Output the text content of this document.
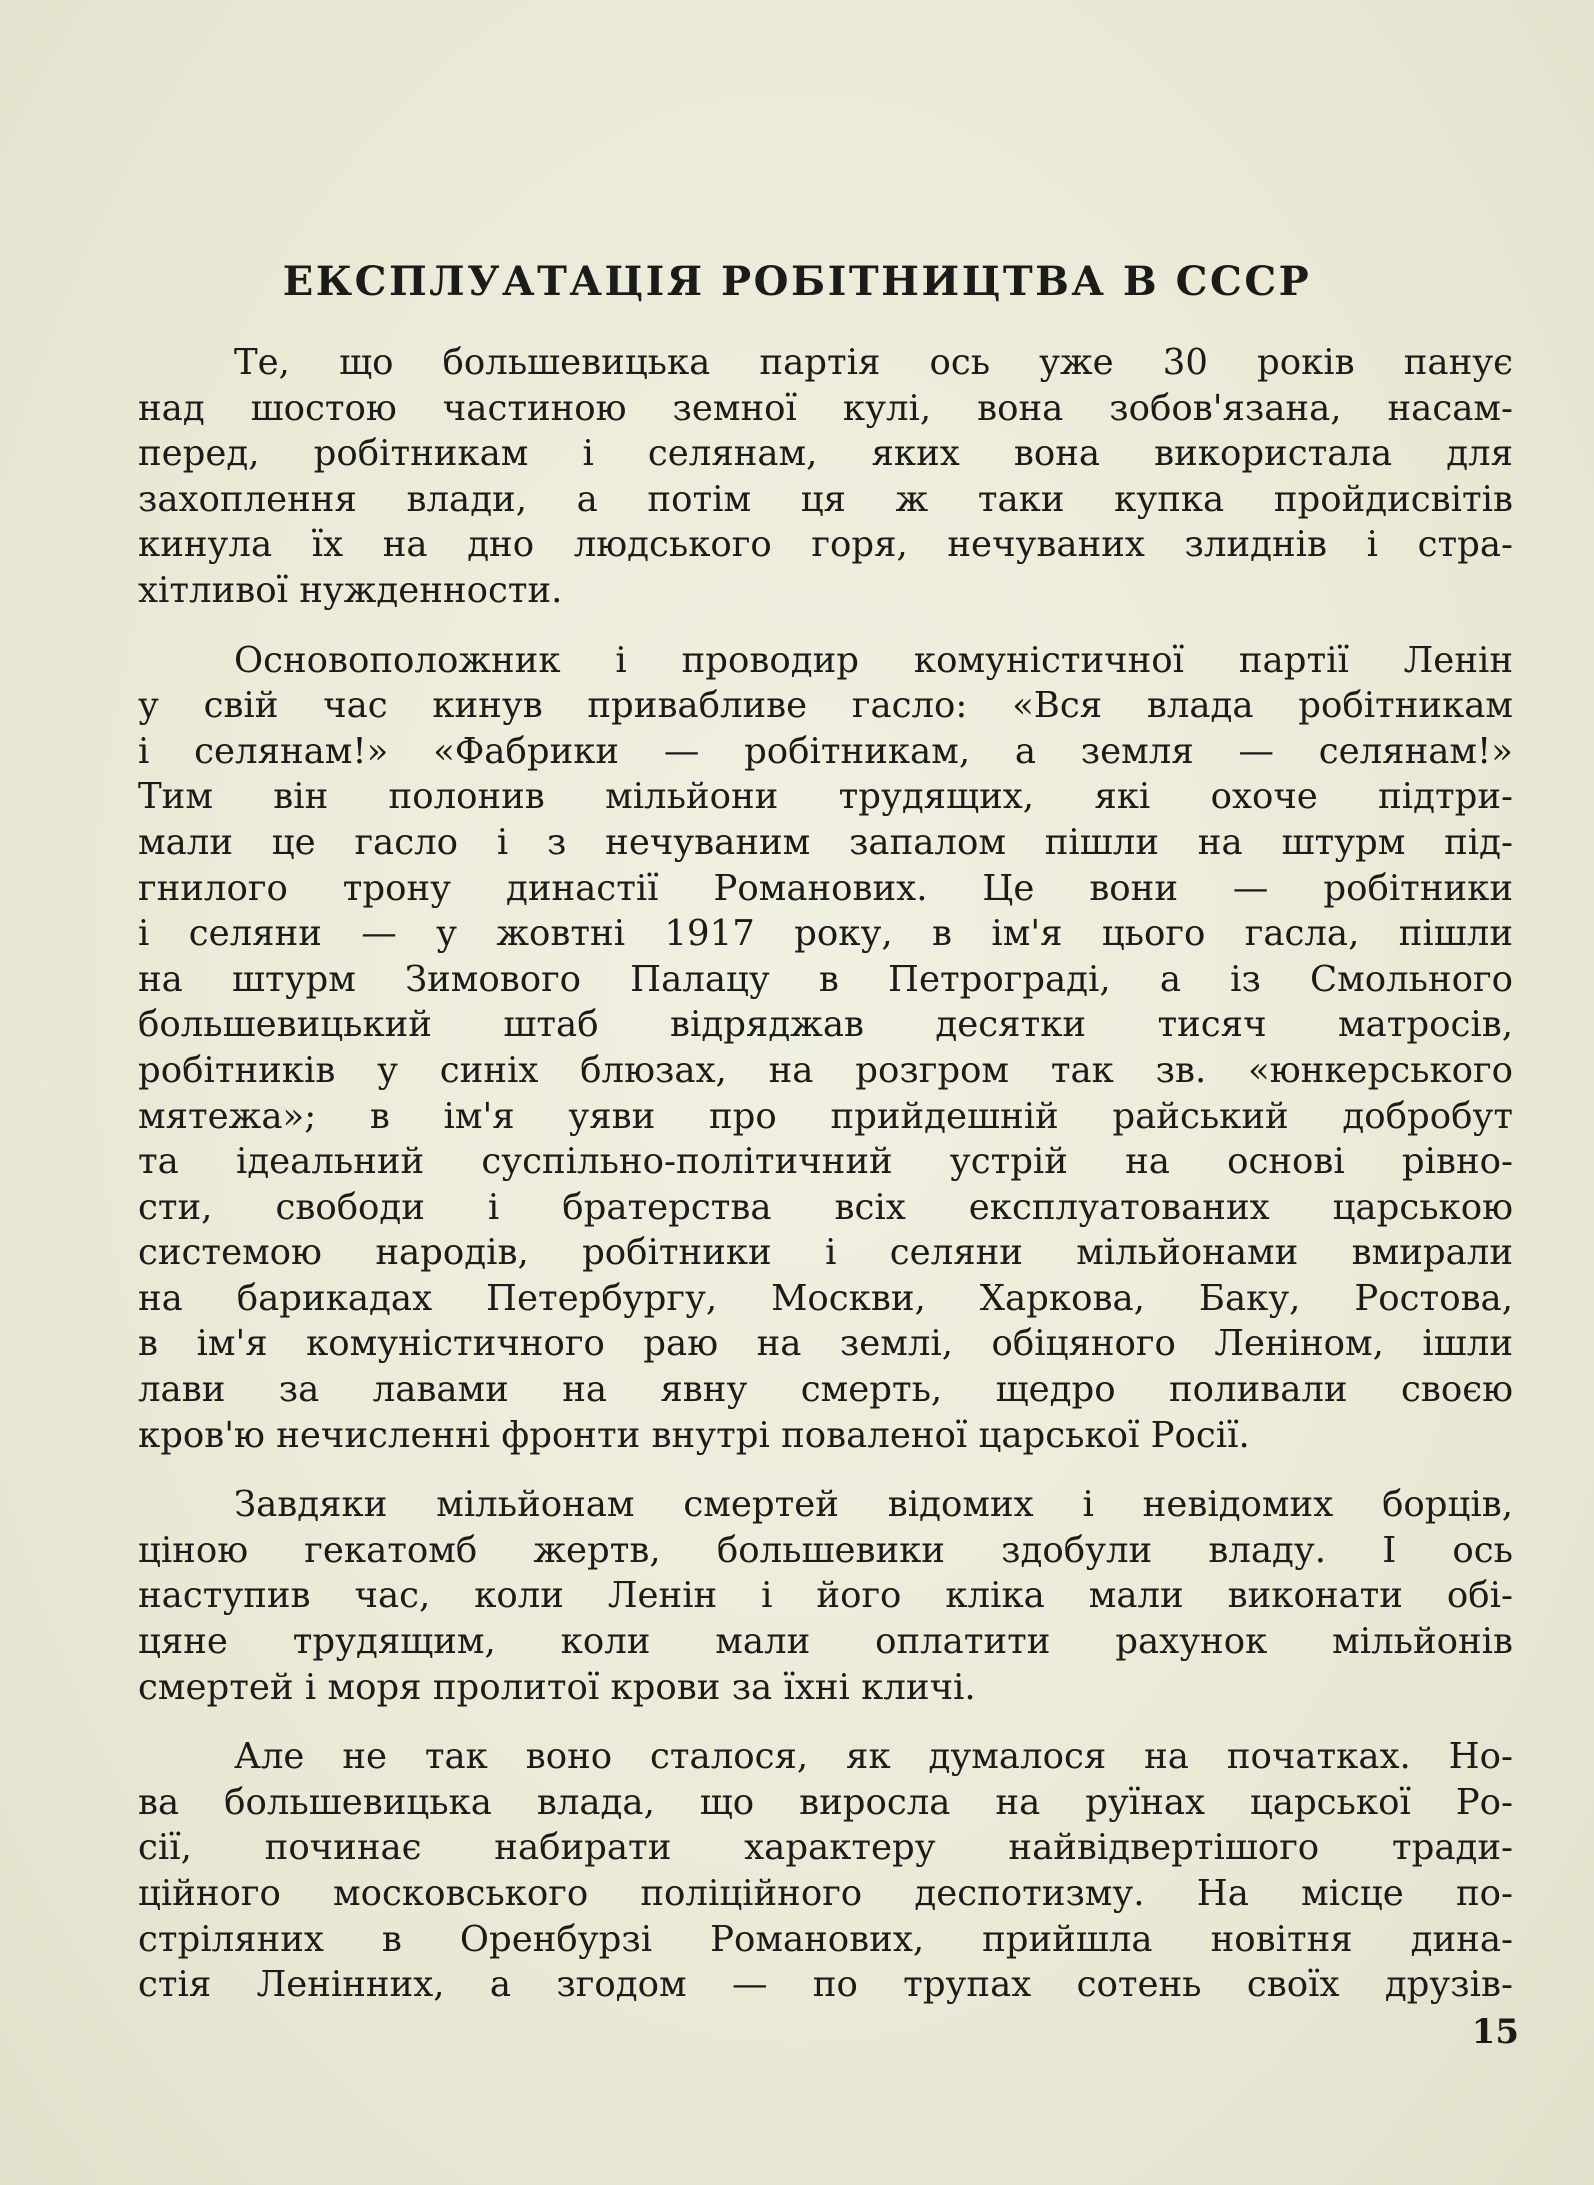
ЕКСПЛУАТАЦІЯ РОБІТНИЦТВА В СССР

Те, що большевицька партія ось уже 30 років панує
над шостою частиною земної кулі, вона зобов'язана, насам-
перед, робітникам і селянам, яких вона використала для
захоплення влади, а потім ця ж таки купка пройдисвітів
кинула їх на дно людського горя, нечуваних злиднів і стра-
хітливої нужденности.

Основоположник і проводир комуністичної партії Ленін
у свій час кинув привабливе гасло: «Вся влада робітникам
і селянам!» «Фабрики — робітникам, а земля — селянам!»
Тим він полонив мільйони трудящих, які охоче підтри-
мали це гасло і з нечуваним запалом пішли на штурм під-
гнилого трону династії Романових. Це вони — робітники
і селяни — у жовтні 1917 року, в ім'я цього гасла, пішли
на штурм Зимового Палацу в Петрограді, а із Смольного
большевицький штаб відряджав десятки тисяч матросів,
робітників у синіх блюзах, на розгром так зв. «юнкерського
мятежа»; в ім'я уяви про прийдешній райський добробут
та ідеальний суспільно-політичний устрій на основі рівно-
сти, свободи і братерства всіх експлуатованих царською
системою народів, робітники і селяни мільйонами вмирали
на барикадах Петербургу, Москви, Харкова, Баку, Ростова,
в ім'я комуністичного раю на землі, обіцяного Леніном, ішли
лави за лавами на явну смерть, щедро поливали своєю
кров'ю нечисленні фронти внутрі поваленої царської Росії.

Завдяки мільйонам смертей відомих і невідомих борців,
ціною гекатомб жертв, большевики здобули владу. І ось
наступив час, коли Ленін і його кліка мали виконати обі-
цяне трудящим, коли мали оплатити рахунок мільйонів
смертей і моря пролитої крови за їхні кличі.

Але не так воно сталося, як думалося на початках. Но-
ва большевицька влада, що виросла на руїнах царської Ро-
сії, починає набирати характеру найвідвертішого тради-
ційного московського поліційного деспотизму. На місце по-
стріляних в Оренбурзі Романових, прийшла новітня дина-
стія Ленінних, а згодом — по трупах сотень своїх друзів-

15
